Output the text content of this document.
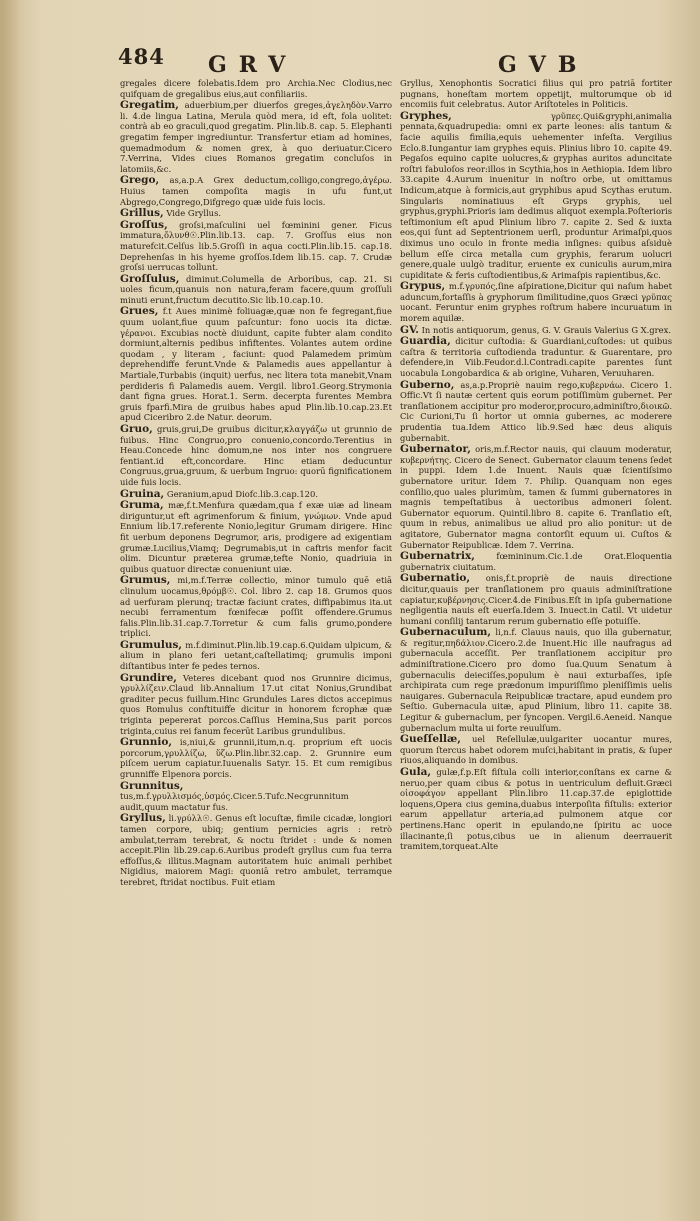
484 GRV	GVB

gregales dicere folebatis.Idem pro Archia.Nec Clodius,nec quifquam de gregalibus eius,aut confiliariis.

Gregatim, aduerbium,per diuerfos greges,ἀγεληδὸν.Varro li. 4.de lingua Latina, Merula quòd mera, id eft, fola uolitet: contrà ab eo graculi,quod gregatim. Plin.lib.8. cap. 5. Elephanti gregatim femper ingrediuntur. Transfertur etiam ad homines, quemadmodum & nomen grex, à quo deriuatur.Cicero 7.Verrina, Vides ciues Romanos gregatim concluſos in latomiis,&c.

Grego, as,a.p.A Grex deductum,colligo,congrego,ἀγέρω. Huius tamen compoſita magis in ufu funt,ut Abgrego,Congrego,Difgrego quæ uide fuis locis.

Grillus, Vide Gryllus.

Groſſus, groſsi,maſculini uel fœminini gener. Ficus immatura,ὄλυνθ☉.Plin.lib.13. cap. 7. Groſſus eius non maturefcit.Celſus lib.5.Groſſi in aqua cocti.Plin.lib.15. cap.18. Deprehenſas in his hyeme groſſos.Idem lib.15. cap. 7. Crudæ groſsi uerrucas tollunt.

Groſſulus, diminut.Columella de Arboribus, cap. 21. Si uoles ficum,quanuis non natura,feram facere,quum groſſuli minuti erunt,fructum decutito.Sic lib.10.cap.10.

Grues, f.t Aues minimè foliuagæ,quæ non fe fegregant,fiue quum uolant,fiue quum paſcuntur: fono uocis ita dictæ. γέρανοι. Excubias noctè diuidunt, capite fubter alam condito dormiunt,alternis pedibus infiftentes. Volantes autem ordine quodam , y literam , faciunt: quod Palamedem primùm deprehendiffe ferunt.Vnde & Palamedis aues appellantur à Martiale,Turbabis (inquit) uerfus, nec litera tota manebit,Vnam perdideris fi Palamedis auem. Vergil. libro1.Georg.Strymonia dant figna grues. Horat.1. Serm. decerpta furentes Membra gruis fparfi.Mira de gruibus habes apud Plin.lib.10.cap.23.Et apud Ciceribro 2.de Natur. deorum.

Gruo, gruis,grui,De gruibus dicitur,κλαγγάζω ut grunnio de fuibus. Hinc Congruo,pro conuenio,concordo.Terentius in Heau.Concede hinc domum,ne nos inter nos congruere fentiant.id eft,concordare. Hinc etiam deducuntur Congruus,grua,gruum, & uerbum Ingruo: quorū fignificationem uide fuis locis.

Gruina, Geranium,apud Diofc.lib.3.cap.120.

Gruma, mæ,f.t.Menfura quædam,qua f exæ uiæ ad lineam diriguntur,ut eft agrimenforum & finium, γνώμων. Vnde apud Ennium lib.17.referente Nonio,legitur Grumam dirigere. Hinc fit uerbum deponens Degrumor, aris, prodigere ad exigentiam grumæ.Lucilius,Viamq; Degrumabis,ut in caftris menfor facit olim. Dicuntur præterea grumæ,tefte Nonio, quadriuia in quibus quatuor directæ conueniunt uiæ.

Grumus, mi,m.f.Terræ collectio, minor tumulo quē etiā clinulum uocamus,θρόμβ☉. Col. libro 2. cap 18. Grumos quos ad uerfuram plerunq; tractæ faciunt crates, diffipabimus ita.ut necubi ferramentum fœnifecæ poſſit offendere.Grumus falis.Plin.lib.31.cap.7.Torretur & cum falis grumo,pondere triplici.

Grumulus, m.f.diminut.Plin.lib.19.cap.6.Quidam ulpicum, & alium in plano feri uetant,caſtellatimq; grumulis imponi diſtantibus inter fe pedes ternos.

Grundire, Veteres dicebant quod nos Grunnire dicimus, γρυλλίζειν.Claud lib.Annalium 17.ut citat Nonius,Grundibat graditer pecus fuillum.Hinc Grundules Lares dictos accepimus quos Romulus conftituiffe dicitur in honorem fcrophæ quæ triginta pepererat porcos.Caſſius Hemina,Sus parit porcos triginta,cuius rei fanum fecerūt Laribus grundulibus.

Grunnio, is,niui,& grunnii,itum,n.q. proprium eft uocis porcorum,γρυλλίζω, ὕζω.Plin.libr.32.cap. 2. Grunnire eum piſcem uerum capiatur.Iuuenalis Satyr. 15. Et cum remigibus grunniffe Elpenora porcis.

Grunnitus, tus,m.f.γρυλλισμός,ὑσμός.Cicer.5.Tufc.Necgrunnitum audit,quum mactatur fus.

Gryllus, li.γρύλλ☉. Genus eſt locuſtæ, fimile cicadæ, longiori tamen corpore, ubiq; gentium pernicies agris : retrò ambulat,terram terebrat, & noctu ſtridet : unde & nomen accepit.Plin lib.29.cap.6.Auribus prodeſt gryllus cum fua terra effoſſus,& illitus.Magnam autoritatem huic animali perhibet Nigidius, maiorem Magi: quoniā retro ambulet, terramque terebret, ftridat noctibus. Fuit etiam

Gryllus, Xenophontis Socratici filius qui pro patriā fortiter pugnans, honeſtam mortem oppetijt, multorumque ob id encomiis fuit celebratus. Autor Ariſtoteles in Politicis.

Gryphes,	γρῦπες.Qui&gryphi,animalia pennata,&quadrupedia: omni ex parte leones: alis tantum & facie aquilis fimilia,equis uehementer infeſta. Vergilius Eclo.8.Iungantur iam gryphes equis. Plinius libro 10. capite 49. Pegaſos equino capite uolucres,& gryphas auritos aduncitate roſtri fabuloſos reor:illos in Scythia,hos in Aethiopia. Idem libro 33.capite 4.Aurum inuenitur in noſtro orbe, ut omittamus Indicum,atque à formicis,aut gryphibus apud Scythas erutum. Singularis nominatiuus eſt Gryps gryphis, uel gryphus,gryphi.Prioris iam dedimus aliquot exempla.Poſterioris teſtimonium eſt apud Plinium libro 7. capite 2. Sed & iuxta eos,qui ſunt ad Septentrionem uerſi, produntur Arimaſpi,quos diximus uno oculo in fronte media inſignes: quibus aſsiduè bellum eſſe circa metalla cum gryphis, ferarum uolucri genere,quale uulgò traditur, eruente ex cuniculis aurum,mira cupiditate & feris cuſtodientibus,& Arimaſpis rapientibus,&c.

Grypus, m.f.γρυπός,ſine aſpiratione,Dicitur qui naſum habet aduncum,fortaſſis à gryphorum ſimilitudine,quos Græci γρῦπας uocant. Feruntur enim gryphes roſtrum habere incuruatum in morem aquilæ.

GV. In notis antiquorum, genus, G. V. Grauis Valerius G X.grex.

Guardia, dicitur cuſtodia: & Guardiani,cuſtodes: ut quibus caſtra & territoria cuſtodienda traduntur. & Guarentare, pro defendere,in Viib.Feudor.d.l.Contradi.capite parentes ſunt uocabula Longobardica & ab origine, Vuharen, Veruuharen.

Guberno, as,a.p.Propriè nauim rego,κυβερνάω. Cicero 1. Offic.Vt ſi nautæ certent quis eorum potiſſimùm gubernet. Per tranſlationem accipitur pro moderor,procuro,adminiſtro,διοικῶ. Cic Curioni,Tu ſi hortor ut omnia gubernes, ac moderere prudentia tua.Idem Attico lib.9.Sed hæc deus aliquis gubernabit.

Gubernator, oris,m.f.Rector nauis, qui clauum moderatur, κυβερνήτης. Cicero de Senect. Gubernator clauum tenens ſedet in puppi. Idem 1.de Inuent. Nauis quæ ſcientiſsimo gubernatore uritur. Idem 7. Philip. Quanquam non eges conſilio,quo uales plurimùm, tamen & ſummi gubernatores in magnis tempeſtatibus à uectoribus admoneri ſolent. Gubernator equorum. Quintil.libro 8. capite 6. Tranſlatio eſt, quum in rebus, animalibus ue aliud pro alio ponitur: ut de agitatore, Gubernator magna contorſit equum ui. Cuſtos & Gubernator Reipublicæ. Idem 7. Verrina.

Gubernatrix,	fœmininum.Cic.1.de Orat.Eloquentia gubernatrix ciuitatum.

Gubernatio, onis,f.t.propriè de nauis directione dicitur,quauis per tranſlationem pro quauis adminiſtratione capiatur,κυβέρνησις.Cicer.4.de Finibus.Eſt in ipſa gubernatione negligentia nauis eſt euerſa.Idem 3. Inuect.in Catil. Vt uidetur humani conſilij tantarum rerum gubernatio eſſe potuiſſe.

Gubernaculum, li,n.f. Clauus nauis, quo illa gubernatur, & regitur,πηδάλιον.Cicero.2.de Inuent.Hic ille naufragus ad gubernacula acceſſit. Per tranſlationem accipitur pro adminiſtratione.Cicero pro domo ſua.Quum Senatum à gubernaculis deieciſſes,populum è naui exturbaſſes, ipſe archipirata cum rege prædonum impuriſſimo pleniſſimis uelis nauigares. Gubernacula Reipublicæ tractare, apud eundem pro Seſtio. Gubernacula uitæ, apud Plinium, libro 11. capite 38. Legitur & gubernaclum, per ſyncopen. Vergil.6.Aeneid. Nanque gubernaclum multa ui forte reuulſum.

Gueſſellæ, uel Reſellulæ,uulgariter uocantur mures, quorum ſtercus habet odorem muſci,habitant in pratis, & ſuper riuos,aliquando in domibus.

Gula, gulæ,f.p.Eſt fiſtula colli interior,conſtans ex carne & neruo,per quam cibus & potus in uentriculum defluit.Græci οἰσοφάγον appellant Plin.libro 11.cap.37.de epiglottide loquens,Opera cius gemina,duabus interpoſita fiſtulis: exterior earum appellatur arteria,ad pulmonem atque cor pertinens.Hanc operit in epulando,ne ſpiritu ac uoce illacinante,ſi potus,cibus ue in alienum deerrauerit tramitem,torqueat.Alte
